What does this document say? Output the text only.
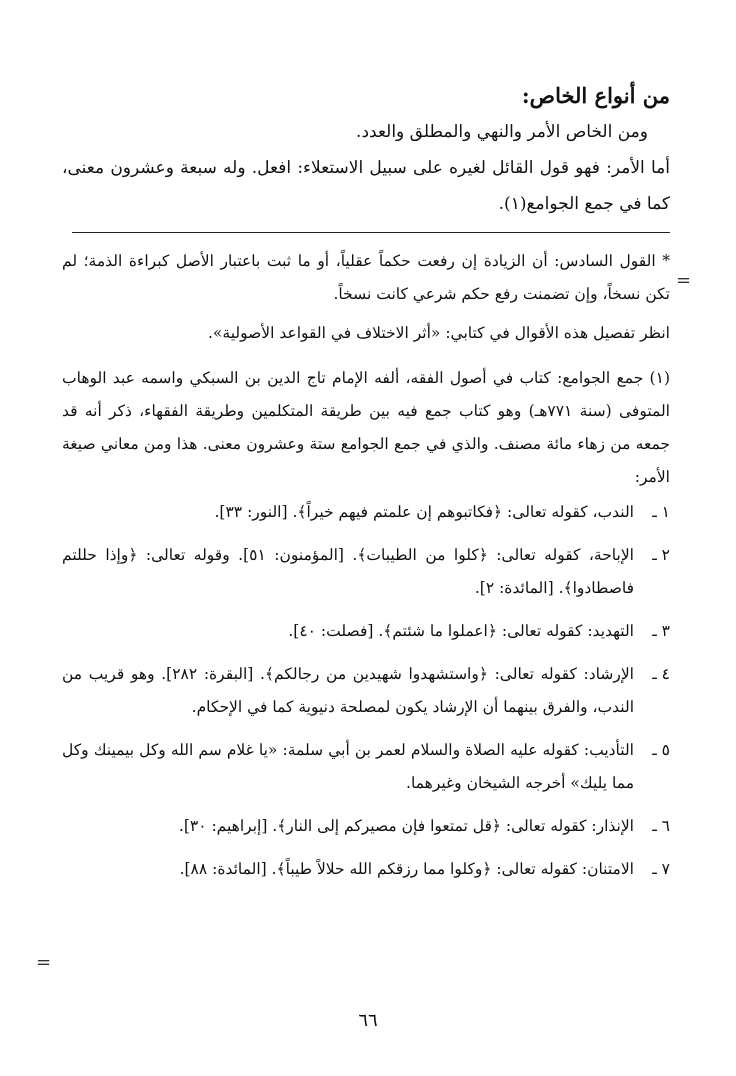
من أنواع الخاص:

ومن الخاص الأمر والنهي والمطلق والعدد.

أما الأمر: فهو قول القائل لغيره على سبيل الاستعلاء: افعل. وله سبعة وعشرون معنى، كما في جمع الجوامع(١).

* القول السادس: أن الزيادة إن رفعت حكماً عقلياً، أو ما ثبت باعتبار الأصل كبراءة الذمة؛ لم تكن نسخاً، وإن تضمنت رفع حكم شرعي كانت نسخاً.

انظر تفصيل هذه الأقوال في كتابي: «أثر الاختلاف في القواعد الأصولية».

(١) جمع الجوامع: كتاب في أصول الفقه، ألفه الإمام تاج الدين بن السبكي واسمه عبد الوهاب المتوفى (سنة ٧٧١هـ) وهو كتاب جمع فيه بين طريقة المتكلمين وطريقة الفقهاء، ذكر أنه قد جمعه من زهاء مائة مصنف. والذي في جمع الجوامع ستة وعشرون معنى. هذا ومن معاني صيغة الأمر:

١ ـ
الندب، كقوله تعالى: ﴿فكاتبوهم إن علمتم فيهم خيراً﴾. [النور: ٣٣].
٢ ـ
الإباحة، كقوله تعالى: ﴿كلوا من الطيبات﴾. [المؤمنون: ٥١]. وقوله تعالى: ﴿وإذا حللتم فاصطادوا﴾. [المائدة: ٢].
٣ ـ
التهديد: كقوله تعالى: ﴿اعملوا ما شئتم﴾. [فصلت: ٤٠].
٤ ـ
الإرشاد: كقوله تعالى: ﴿واستشهدوا شهيدين من رجالكم﴾. [البقرة: ٢٨٢]. وهو قريب من الندب، والفرق بينهما أن الإرشاد يكون لمصلحة دنيوية كما في الإحكام.
٥ ـ
التأديب: كقوله عليه الصلاة والسلام لعمر بن أبي سلمة: «يا غلام سم الله وكل بيمينك وكل مما يليك» أخرجه الشيخان وغيرهما.
٦ ـ
الإنذار: كقوله تعالى: ﴿قل تمتعوا فإن مصيركم إلى النار﴾. [إبراهيم: ٣٠].
٧ ـ
الامتنان: كقوله تعالى: ﴿وكلوا مما رزقكم الله حلالاً طيباً﴾. [المائدة: ٨٨].
=
=
٦٦
